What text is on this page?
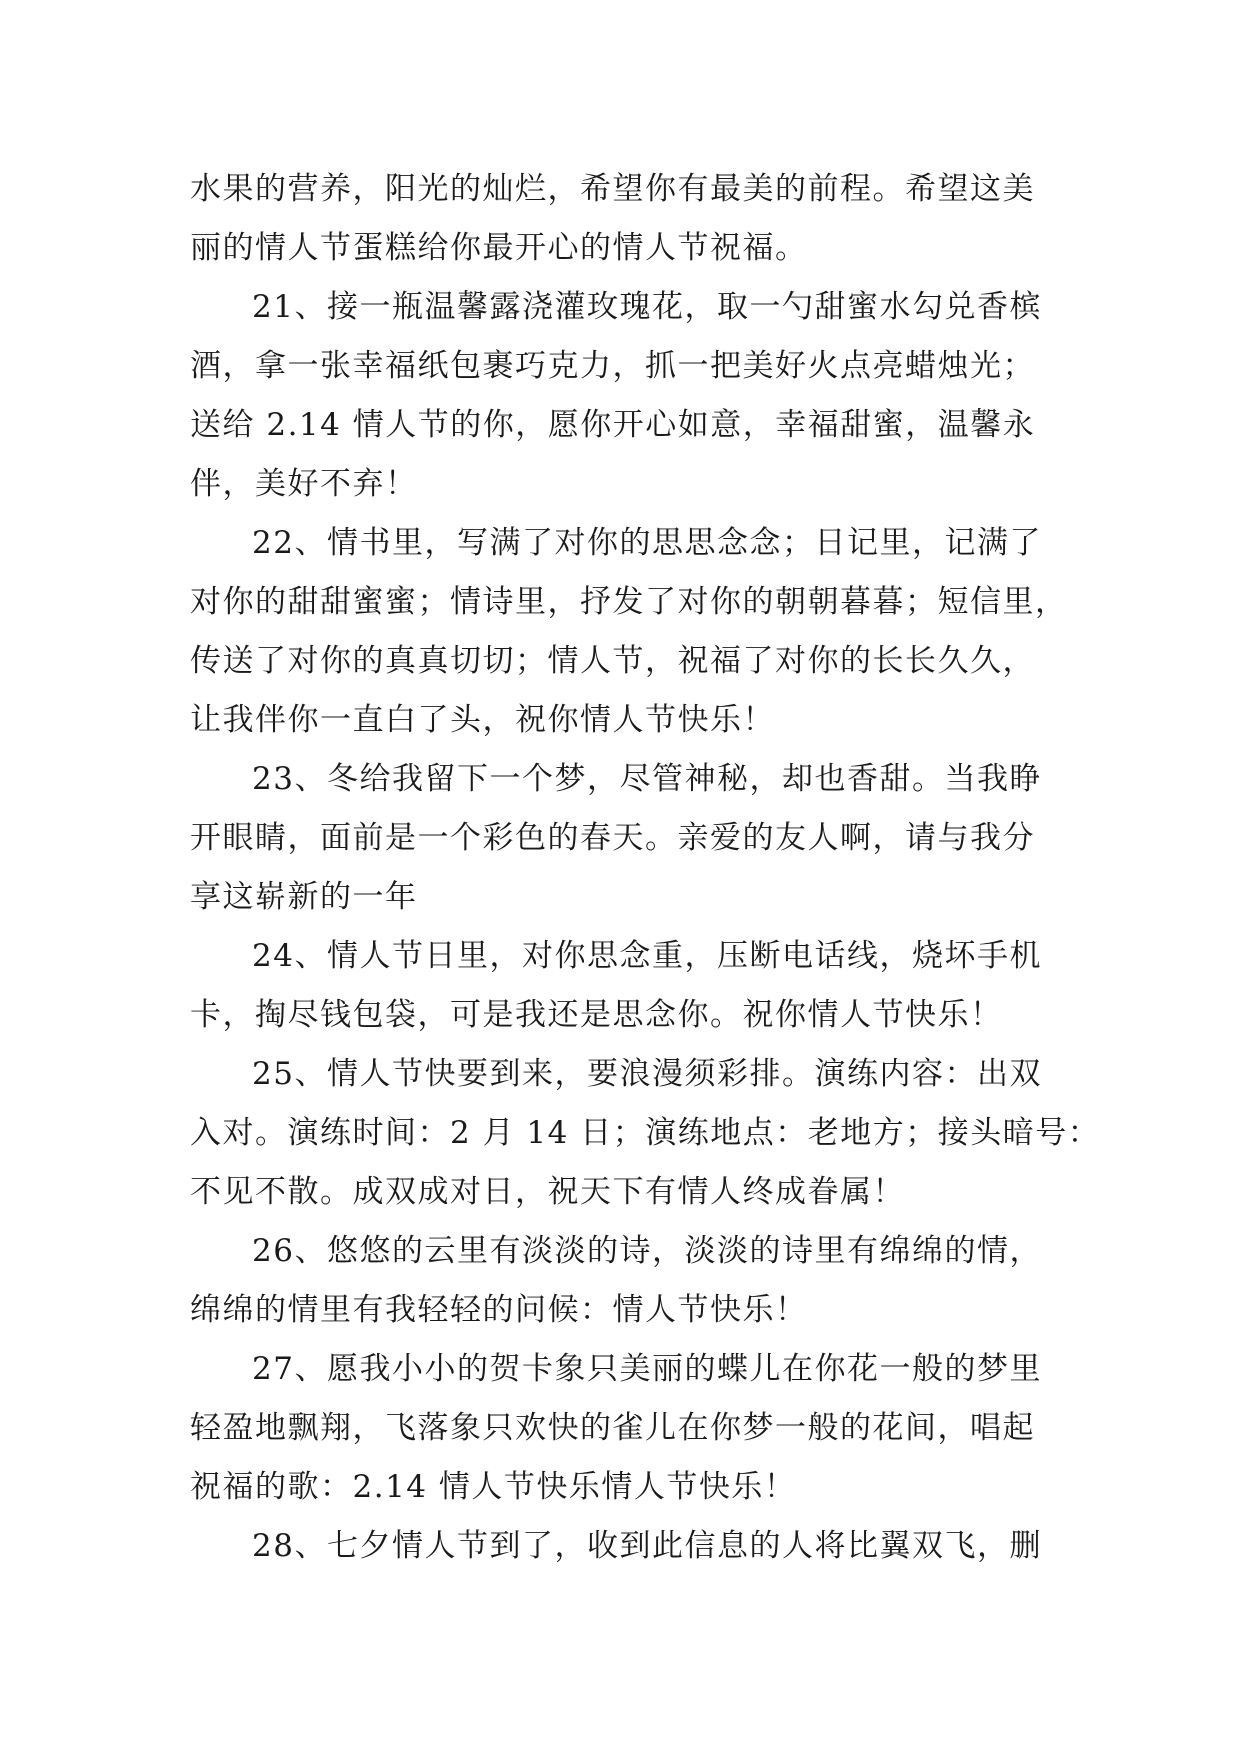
水果的营养，阳光的灿烂，希望你有最美的前程。希望这美
丽的情人节蛋糕给你最开心的情人节祝福。
21、接一瓶温馨露浇灌玫瑰花，取一勺甜蜜水勾兑香槟
酒，拿一张幸福纸包裹巧克力，抓一把美好火点亮蜡烛光；
送给 2.14 情人节的你，愿你开心如意，幸福甜蜜，温馨永
伴，美好不弃！
22、情书里，写满了对你的思思念念；日记里，记满了
对你的甜甜蜜蜜；情诗里，抒发了对你的朝朝暮暮；短信里，
传送了对你的真真切切；情人节，祝福了对你的长长久久，
让我伴你一直白了头，祝你情人节快乐！
23、冬给我留下一个梦，尽管神秘，却也香甜。当我睁
开眼睛，面前是一个彩色的春天。亲爱的友人啊，请与我分
享这崭新的一年
24、情人节日里，对你思念重，压断电话线，烧坏手机
卡，掏尽钱包袋，可是我还是思念你。祝你情人节快乐！
25、情人节快要到来，要浪漫须彩排。演练内容：出双
入对。演练时间：2 月 14 日；演练地点：老地方；接头暗号：
不见不散。成双成对日，祝天下有情人终成眷属！
26、悠悠的云里有淡淡的诗，淡淡的诗里有绵绵的情，
绵绵的情里有我轻轻的问候：情人节快乐！
27、愿我小小的贺卡象只美丽的蝶儿在你花一般的梦里
轻盈地飘翔，飞落象只欢快的雀儿在你梦一般的花间，唱起
祝福的歌：2.14 情人节快乐情人节快乐！
28、七夕情人节到了，收到此信息的人将比翼双飞，删
